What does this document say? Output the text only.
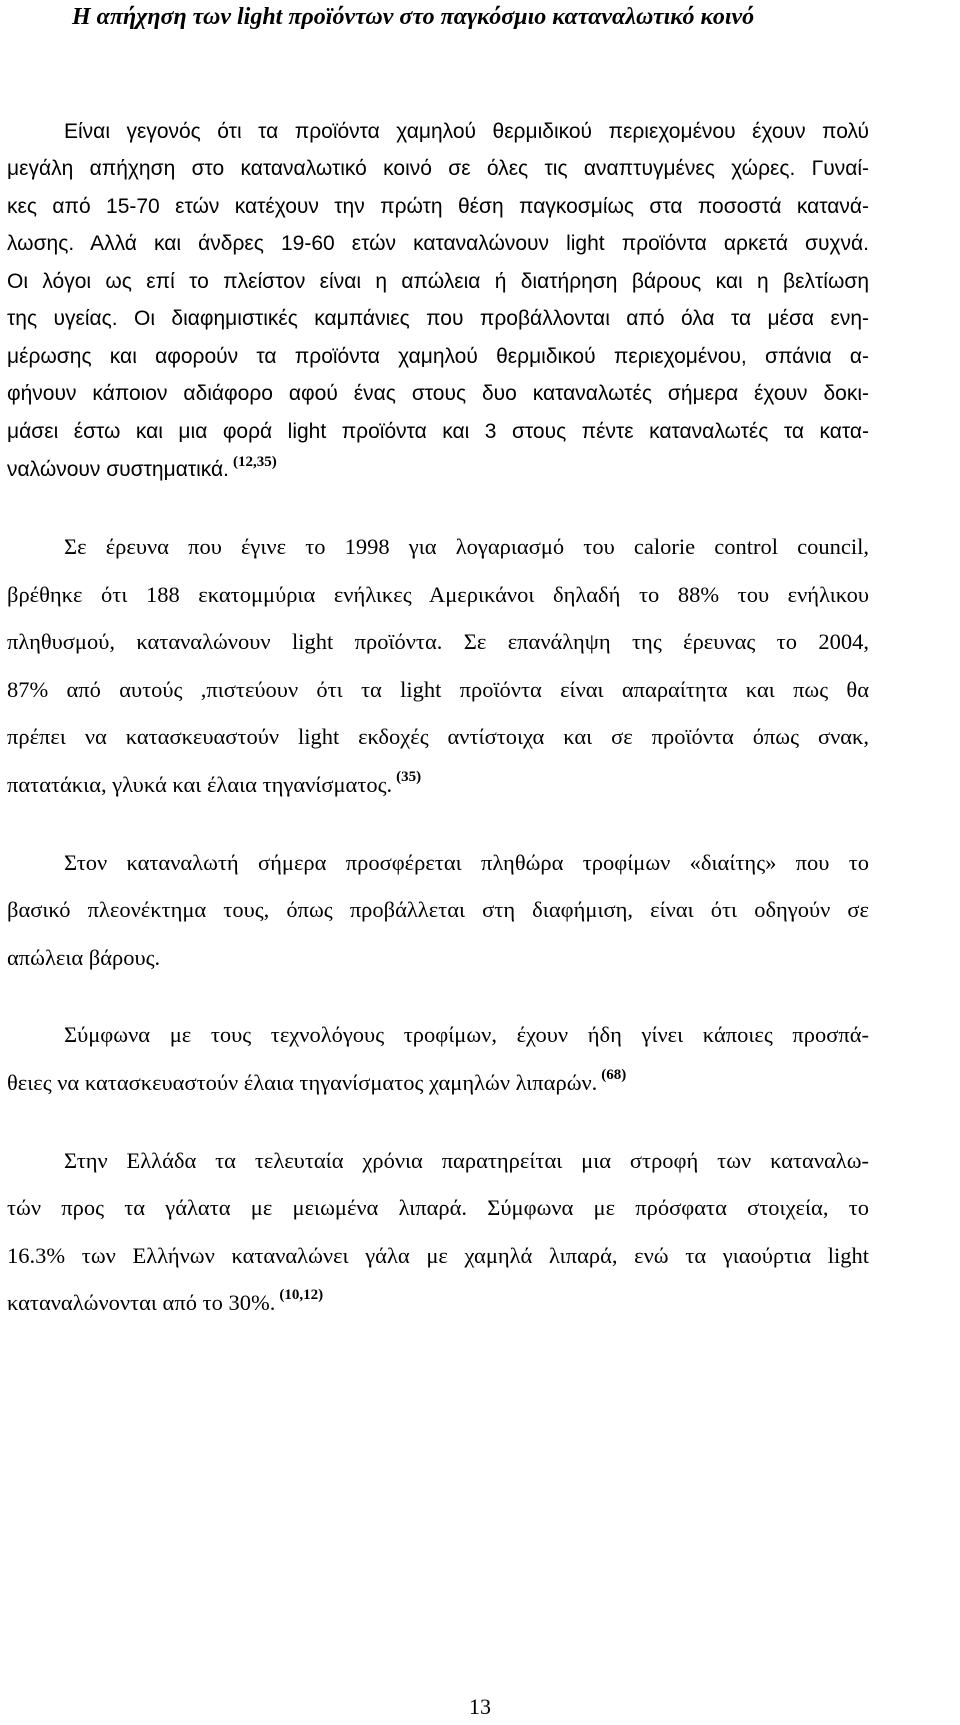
Η απήχηση των light προϊόντων στο παγκόσμιο καταναλωτικό κοινό

Είναι γεγονός ότι τα προϊόντα χαμηλού θερμιδικού περιεχομένου έχουν πολύ

μεγάλη απήχηση στο καταναλωτικό κοινό σε όλες τις αναπτυγμένες χώρες. Γυναί-

κες από 15-70 ετών κατέχουν την πρώτη θέση παγκοσμίως στα ποσοστά κατανά-

λωσης. Αλλά και άνδρες 19-60 ετών καταναλώνουν light προϊόντα αρκετά συχνά.

Οι λόγοι ως επί το πλείστον είναι η απώλεια ή διατήρηση βάρους και η βελτίωση

της υγείας. Οι διαφημιστικές καμπάνιες που προβάλλονται από όλα τα μέσα ενη-

μέρωσης και αφορούν τα προϊόντα χαμηλού θερμιδικού περιεχομένου, σπάνια α-

φήνουν κάποιον αδιάφορο αφού ένας στους δυο καταναλωτές σήμερα έχουν δοκι-

μάσει έστω και μια φορά light προϊόντα και 3 στους πέντε καταναλωτές τα κατα-

ναλώνουν συστηματικά. $^{(12,35)}$

Σε έρευνα που έγινε το 1998 για λογαριασμό του calorie control council,

βρέθηκε ότι 188 εκατομμύρια ενήλικες Αμερικάνοι δηλαδή το 88% του ενήλικου

πληθυσμού, καταναλώνουν light προϊόντα. Σε επανάληψη της έρευνας το 2004,

87% από αυτούς ,πιστεύουν ότι τα light προϊόντα είναι απαραίτητα και πως θα

πρέπει να κατασκευαστούν light εκδοχές αντίστοιχα και σε προϊόντα όπως σνακ,

πατατάκια, γλυκά και έλαια τηγανίσματος. $^{(35)}$

Στον καταναλωτή σήμερα προσφέρεται πληθώρα τροφίμων «διαίτης» που το

βασικό πλεονέκτημα τους, όπως προβάλλεται στη διαφήμιση, είναι ότι οδηγούν σε

απώλεια βάρους.

Σύμφωνα με τους τεχνολόγους τροφίμων, έχουν ήδη γίνει κάποιες προσπά-

θειες να κατασκευαστούν έλαια τηγανίσματος χαμηλών λιπαρών. $^{(68)}$

Στην Ελλάδα τα τελευταία χρόνια παρατηρείται μια στροφή των καταναλω-

τών προς τα γάλατα με μειωμένα λιπαρά. Σύμφωνα με πρόσφατα στοιχεία, το

16.3% των Ελλήνων καταναλώνει γάλα με χαμηλά λιπαρά, ενώ τα γιαούρτια light

καταναλώνονται από το 30%. $^{(10,12)}$

13
